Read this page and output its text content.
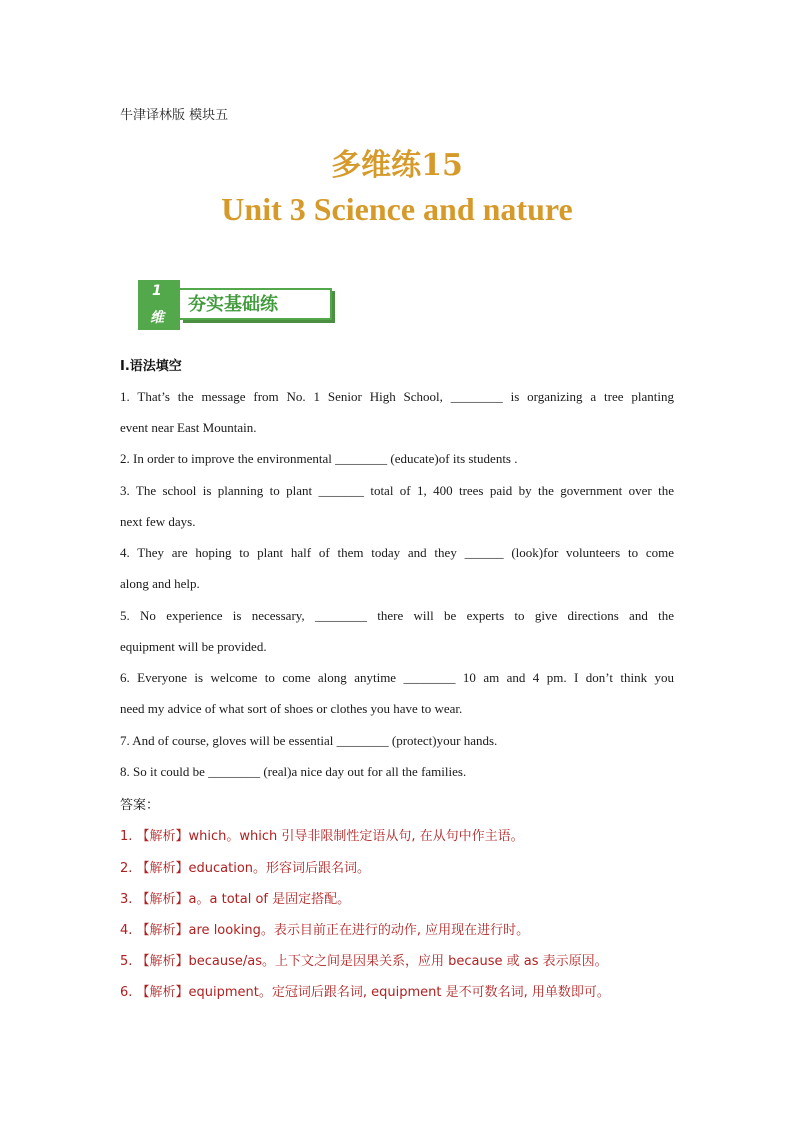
牛津译林版 模块五
多维练15
Unit 3 Science and nature
1
维
夯实基础练
I.语法填空
1. That’s the message from No. 1 Senior High School, ________ is organizing a tree planting
event near East Mountain.
2. In order to improve the environmental ________ (educate)of its students .
3. The school is planning to plant _______ total of 1, 400 trees paid by the government over the
next few days.
4. They are hoping to plant half of them today and they ______ (look)for volunteers to come
along and help.
5. No experience is necessary, ________ there will be experts to give directions and the
equipment will be provided.
6. Everyone is welcome to come along anytime ________ 10 am and 4 pm. I don’t think you
need my advice of what sort of shoes or clothes you have to wear.
7. And of course, gloves will be essential ________ (protect)your hands.
8. So it could be ________ (real)a nice day out for all the families.
答案：
1. 【解析】which。which 引导非限制性定语从句, 在从句中作主语。
2. 【解析】education。形容词后跟名词。
3. 【解析】a。a total of 是固定搭配。
4. 【解析】are looking。表示目前正在进行的动作, 应用现在进行时。
5. 【解析】because/as。上下文之间是因果关系，应用 because 或 as 表示原因。
6. 【解析】equipment。定冠词后跟名词, equipment 是不可数名词, 用单数即可。
